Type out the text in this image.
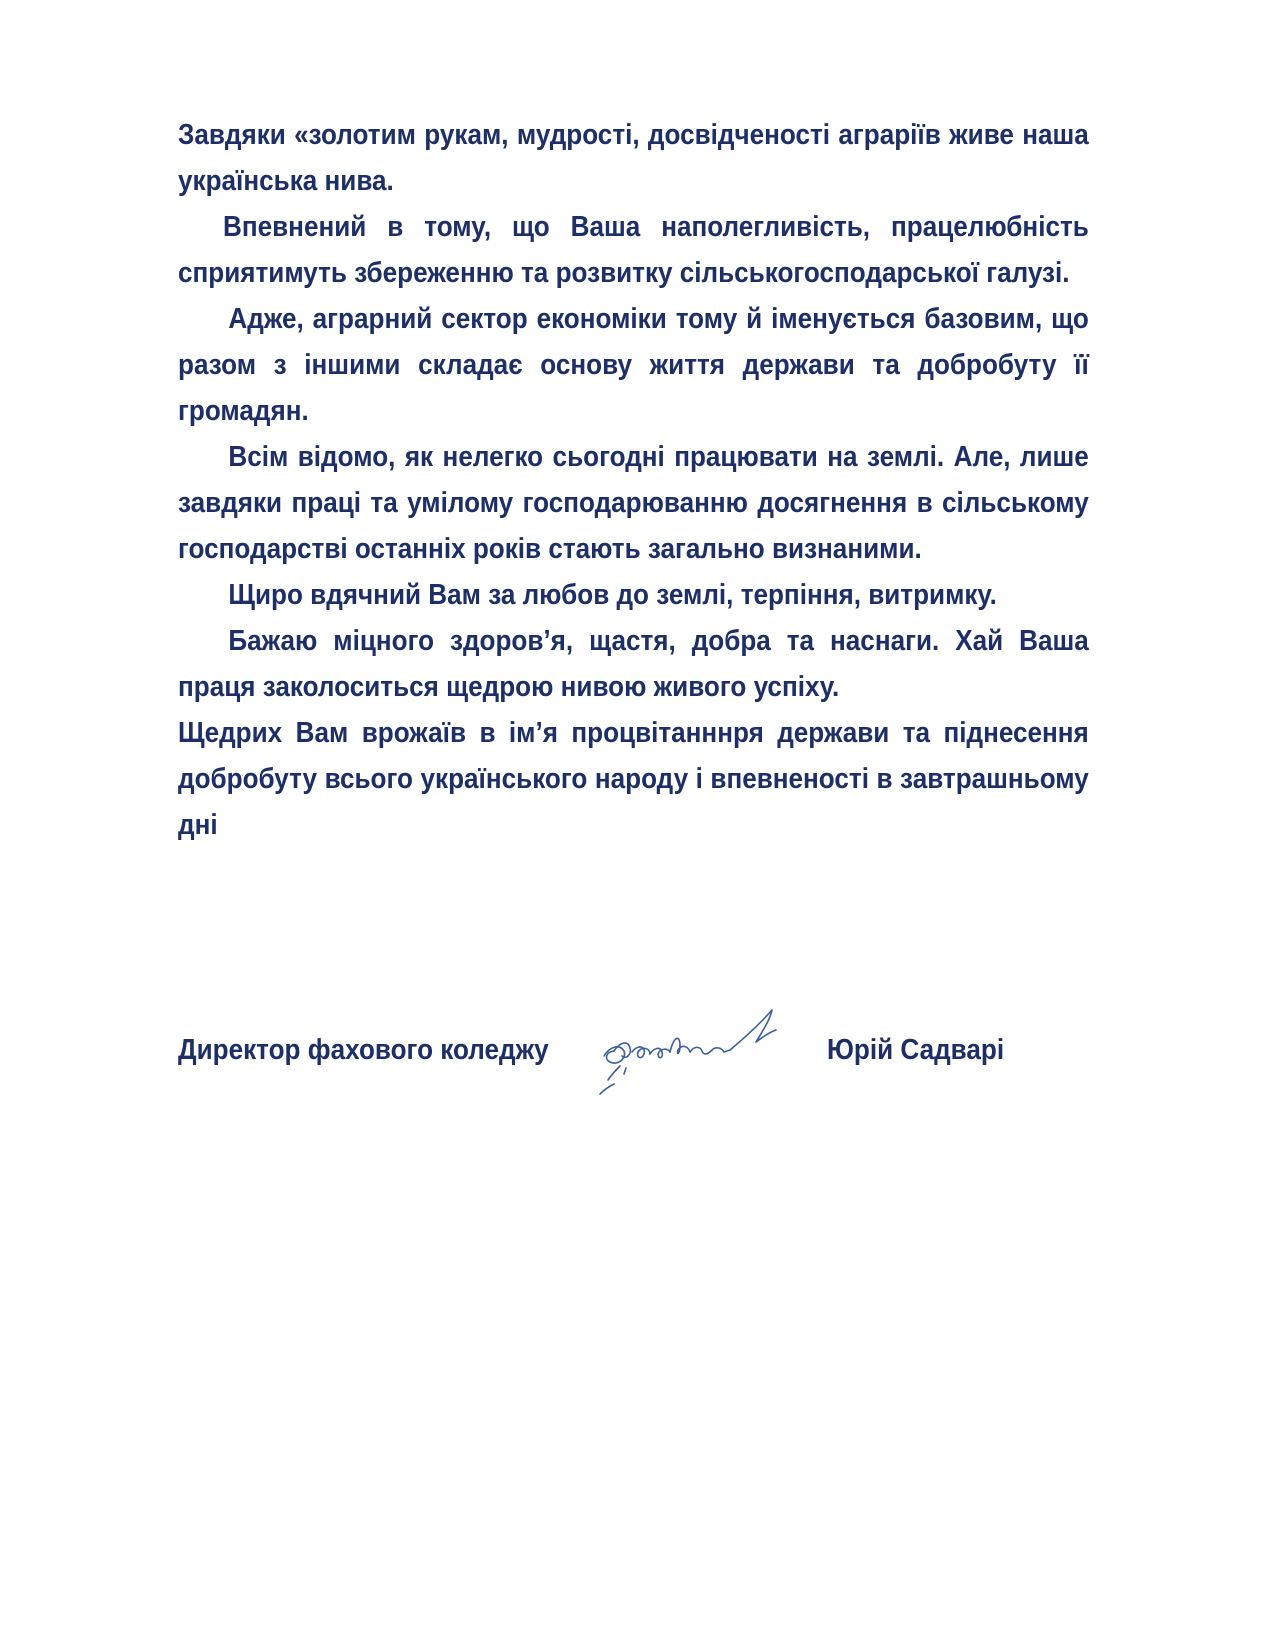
Завдяки «золотим рукам, мудрості, досвідченості аграріїв живе наша українська нива.

Впевнений в тому, що Ваша наполегливість, працелюбність сприятимуть збереженню та розвитку сільськогосподарської галузі.

Адже, аграрний сектор економіки тому й іменується базовим, що разом з іншими складає основу життя держави та добробуту її громадян.

Всім відомо, як нелегко сьогодні працювати на землі. Але, лише завдяки праці та умілому господарюванню досягнення в сільському господарстві останніх років стають загально визнаними.

Щиро вдячний Вам за любов до землі, терпіння, витримку.

Бажаю міцного здоров’я, щастя, добра та наснаги. Хай Ваша праця заколоситься щедрою нивою живого успіху.

Щедрих Вам врожаїв в ім’я процвітанннря держави та піднесення добробуту всього українського народу і впевненості в завтрашньому дні

Директор фахового коледжу	Юрій Садварі
